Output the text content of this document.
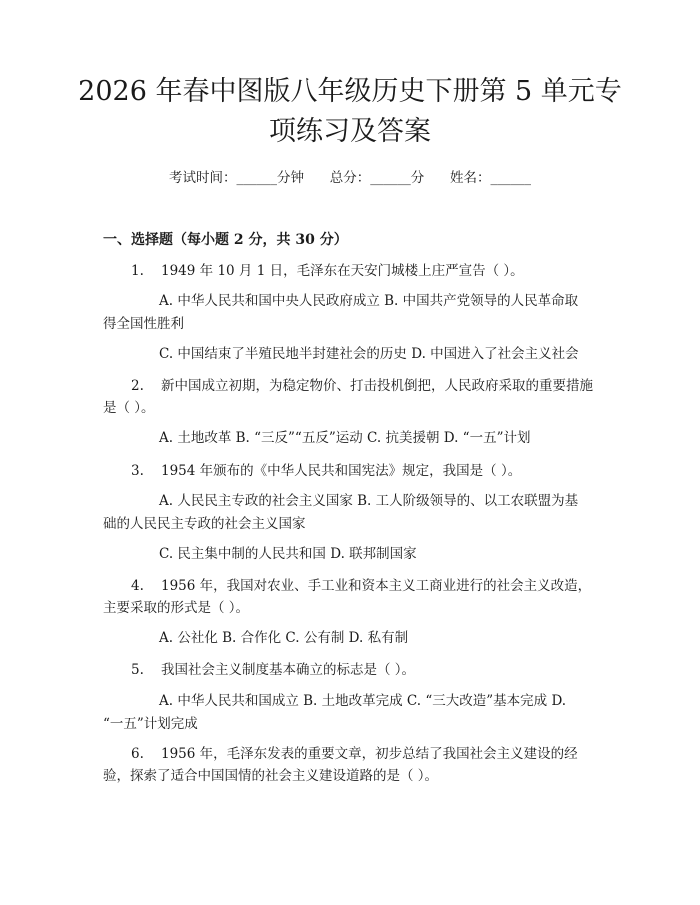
2026 年春中图版八年级历史下册第 5 单元专
项练习及答案
考试时间：______分钟      总分：______分      姓名：______
一、选择题（每小题 2 分，共 30 分）
1. 1949 年 10 月 1 日，毛泽东在天安门城楼上庄严宣告（ ）。
A. 中华人民共和国中央人民政府成立 B. 中国共产党领导的人民革命取
得全国性胜利
C. 中国结束了半殖民地半封建社会的历史 D. 中国进入了社会主义社会
2. 新中国成立初期，为稳定物价、打击投机倒把，人民政府采取的重要措施
是（ ）。
A. 土地改革 B. “三反”“五反”运动 C. 抗美援朝 D. “一五”计划
3. 1954 年颁布的《中华人民共和国宪法》规定，我国是（ ）。
A. 人民民主专政的社会主义国家 B. 工人阶级领导的、以工农联盟为基
础的人民民主专政的社会主义国家
C. 民主集中制的人民共和国 D. 联邦制国家
4. 1956 年，我国对农业、手工业和资本主义工商业进行的社会主义改造，
主要采取的形式是（ ）。
A. 公社化 B. 合作化 C. 公有制 D. 私有制
5. 我国社会主义制度基本确立的标志是（ ）。
A. 中华人民共和国成立 B. 土地改革完成 C. “三大改造”基本完成 D.
“一五”计划完成
6. 1956 年，毛泽东发表的重要文章，初步总结了我国社会主义建设的经
验，探索了适合中国国情的社会主义建设道路的是（ ）。
